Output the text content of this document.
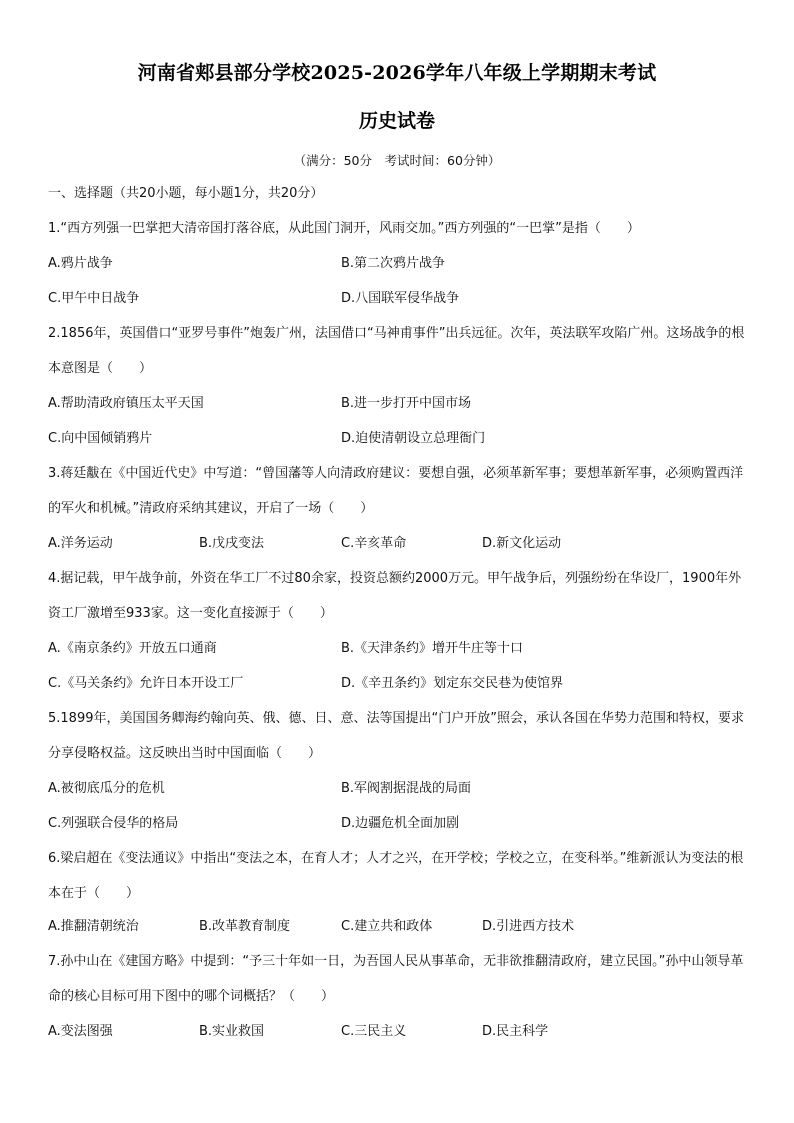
河南省郏县部分学校2025-2026学年八年级上学期期末考试
历史试卷
（满分：50分　考试时间：60分钟）
一、选择题（共20小题，每小题1分，共20分）
1.“西方列强一巴掌把大清帝国打落谷底，从此国门洞开，风雨交加。”西方列强的“一巴掌”是指（　　）
A.鸦片战争	B.第二次鸦片战争
C.甲午中日战争	D.八国联军侵华战争
2.1856年，英国借口“亚罗号事件”炮轰广州，法国借口“马神甫事件”出兵远征。次年，英法联军攻陷广州。这场战争的根本意图是（　　）
A.帮助清政府镇压太平天国	B.进一步打开中国市场
C.向中国倾销鸦片	D.迫使清朝设立总理衙门
3.蒋廷黻在《中国近代史》中写道：“曾国藩等人向清政府建议：要想自强，必须革新军事；要想革新军事，必须购置西洋的军火和机械。”清政府采纳其建议，开启了一场（　　）
A.洋务运动	B.戊戌变法	C.辛亥革命	D.新文化运动
4.据记载，甲午战争前，外资在华工厂不过80余家，投资总额约2000万元。甲午战争后，列强纷纷在华设厂，1900年外资工厂激增至933家。这一变化直接源于（　　）
A.《南京条约》开放五口通商	B.《天津条约》增开牛庄等十口
C.《马关条约》允许日本开设工厂	D.《辛丑条约》划定东交民巷为使馆界
5.1899年，美国国务卿海约翰向英、俄、德、日、意、法等国提出“门户开放”照会，承认各国在华势力范围和特权，要求分享侵略权益。这反映出当时中国面临（　　）
A.被彻底瓜分的危机	B.军阀割据混战的局面
C.列强联合侵华的格局	D.边疆危机全面加剧
6.梁启超在《变法通议》中指出“变法之本，在育人才；人才之兴，在开学校；学校之立，在变科举。”维新派认为变法的根本在于（　　）
A.推翻清朝统治	B.改革教育制度	C.建立共和政体	D.引进西方技术
7.孙中山在《建国方略》中提到：“予三十年如一日，为吾国人民从事革命，无非欲推翻清政府，建立民国。”孙中山领导革命的核心目标可用下图中的哪个词概括？（　　）
A.变法图强	B.实业救国	C.三民主义	D.民主科学
